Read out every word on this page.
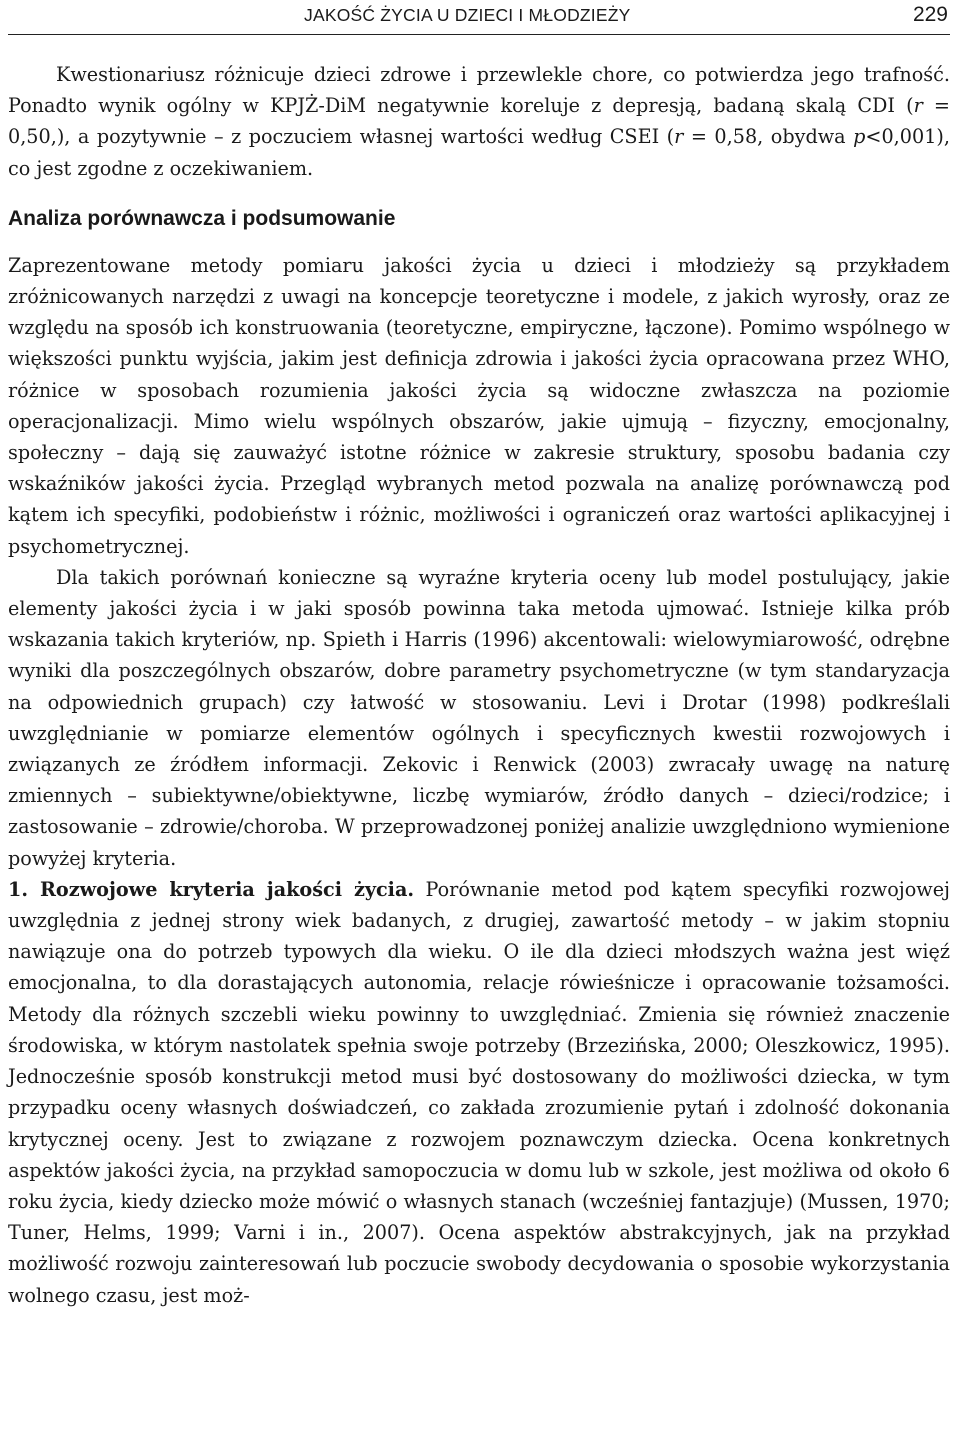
JAKOŚĆ ŻYCIA U DZIECI I MŁODZIEŻY	229

Kwestionariusz różnicuje dzieci zdrowe i przewlekle chore, co potwierdza jego trafność. Ponadto wynik ogólny w KPJŻ-DiM negatywnie koreluje z depresją, badaną skalą CDI (r = 0,50,), a pozytywnie – z poczuciem własnej wartości według CSEI (r = 0,58, obydwa p<0,001), co jest zgodne z oczekiwaniem.

Analiza porównawcza i podsumowanie

Zaprezentowane metody pomiaru jakości życia u dzieci i młodzieży są przykładem zróżnicowanych narzędzi z uwagi na koncepcje teoretyczne i modele, z jakich wyrosły, oraz ze względu na sposób ich konstruowania (teoretyczne, empiryczne, łączone). Pomimo wspólnego w większości punktu wyjścia, jakim jest definicja zdrowia i jakości życia opracowana przez WHO, różnice w sposobach rozumienia jakości życia są widoczne zwłaszcza na poziomie operacjonalizacji. Mimo wielu wspólnych obszarów, jakie ujmują – fizyczny, emocjonalny, społeczny – dają się zauważyć istotne różnice w zakresie struktury, sposobu badania czy wskaźników jakości życia. Przegląd wybranych metod pozwala na analizę porównawczą pod kątem ich specyfiki, podobieństw i różnic, możliwości i ograniczeń oraz wartości aplikacyjnej i psychometrycznej.

Dla takich porównań konieczne są wyraźne kryteria oceny lub model postulujący, jakie elementy jakości życia i w jaki sposób powinna taka metoda ujmować. Istnieje kilka prób wskazania takich kryteriów, np. Spieth i Harris (1996) akcentowali: wielowymiarowość, odrębne wyniki dla poszczególnych obszarów, dobre parametry psychometryczne (w tym standaryzacja na odpowiednich grupach) czy łatwość w stosowaniu. Levi i Drotar (1998) podkreślali uwzględnianie w pomiarze elementów ogólnych i specyficznych kwestii rozwojowych i związanych ze źródłem informacji. Zekovic i Renwick (2003) zwracały uwagę na naturę zmiennych – subiektywne/obiektywne, liczbę wymiarów, źródło danych – dzieci/rodzice; i zastosowanie – zdrowie/choroba. W przeprowadzonej poniżej analizie uwzględniono wymienione powyżej kryteria.

1. Rozwojowe kryteria jakości życia. Porównanie metod pod kątem specyfiki rozwojowej uwzględnia z jednej strony wiek badanych, z drugiej, zawartość metody – w jakim stopniu nawiązuje ona do potrzeb typowych dla wieku. O ile dla dzieci młodszych ważna jest więź emocjonalna, to dla dorastających autonomia, relacje rówieśnicze i opracowanie tożsamości. Metody dla różnych szczebli wieku powinny to uwzględniać. Zmienia się również znaczenie środowiska, w którym nastolatek spełnia swoje potrzeby (Brzezińska, 2000; Oleszkowicz, 1995). Jednocześnie sposób konstrukcji metod musi być dostosowany do możliwości dziecka, w tym przypadku oceny własnych doświadczeń, co zakłada zrozumienie pytań i zdolność dokonania krytycznej oceny. Jest to związane z rozwojem poznawczym dziecka. Ocena konkretnych aspektów jakości życia, na przykład samopoczucia w domu lub w szkole, jest możliwa od około 6 roku życia, kiedy dziecko może mówić o własnych stanach (wcześniej fantazjuje) (Mussen, 1970; Tuner, Helms, 1999; Varni i in., 2007). Ocena aspektów abstrakcyjnych, jak na przykład możliwość rozwoju zainteresowań lub poczucie swobody decydowania o sposobie wykorzystania wolnego czasu, jest moż-
